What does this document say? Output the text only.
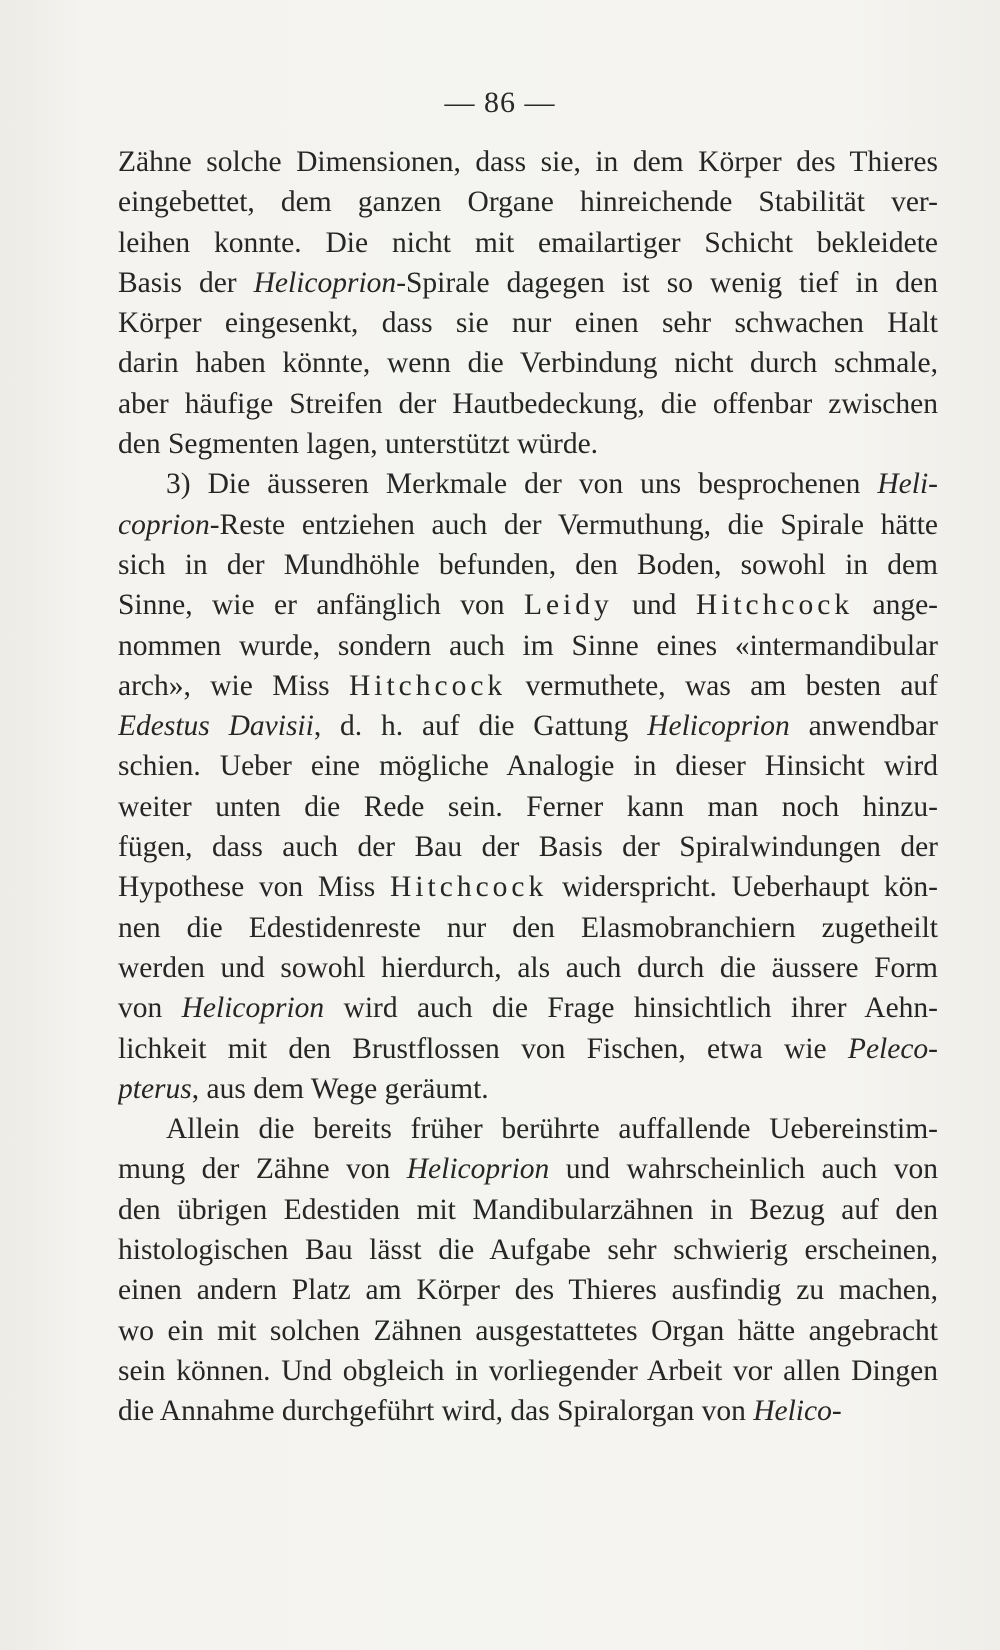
— 86 —
Zähne solche Dimensionen, dass sie, in dem Körper des Thieres
eingebettet, dem ganzen Organe hinreichende Stabilität ver-
leihen konnte. Die nicht mit emailartiger Schicht bekleidete
Basis der Helicoprion-Spirale dagegen ist so wenig tief in den
Körper eingesenkt, dass sie nur einen sehr schwachen Halt
darin haben könnte, wenn die Verbindung nicht durch schmale,
aber häufige Streifen der Hautbedeckung, die offenbar zwischen
den Segmenten lagen, unterstützt würde.
3) Die äusseren Merkmale der von uns besprochenen Heli-
coprion-Reste entziehen auch der Vermuthung, die Spirale hätte
sich in der Mundhöhle befunden, den Boden, sowohl in dem
Sinne, wie er anfänglich von Leidy und Hitchcock ange-
nommen wurde, sondern auch im Sinne eines «intermandibular
arch», wie Miss Hitchcock vermuthete, was am besten auf
Edestus Davisii, d. h. auf die Gattung Helicoprion anwendbar
schien. Ueber eine mögliche Analogie in dieser Hinsicht wird
weiter unten die Rede sein. Ferner kann man noch hinzu-
fügen, dass auch der Bau der Basis der Spiralwindungen der
Hypothese von Miss Hitchcock widerspricht. Ueberhaupt kön-
nen die Edestidenreste nur den Elasmobranchiern zugetheilt
werden und sowohl hierdurch, als auch durch die äussere Form
von Helicoprion wird auch die Frage hinsichtlich ihrer Aehn-
lichkeit mit den Brustflossen von Fischen, etwa wie Peleco-
pterus, aus dem Wege geräumt.
Allein die bereits früher berührte auffallende Uebereinstim-
mung der Zähne von Helicoprion und wahrscheinlich auch von
den übrigen Edestiden mit Mandibularzähnen in Bezug auf den
histologischen Bau lässt die Aufgabe sehr schwierig erscheinen,
einen andern Platz am Körper des Thieres ausfindig zu machen,
wo ein mit solchen Zähnen ausgestattetes Organ hätte angebracht
sein können. Und obgleich in vorliegender Arbeit vor allen Dingen
die Annahme durchgeführt wird, das Spiralorgan von Helico-
